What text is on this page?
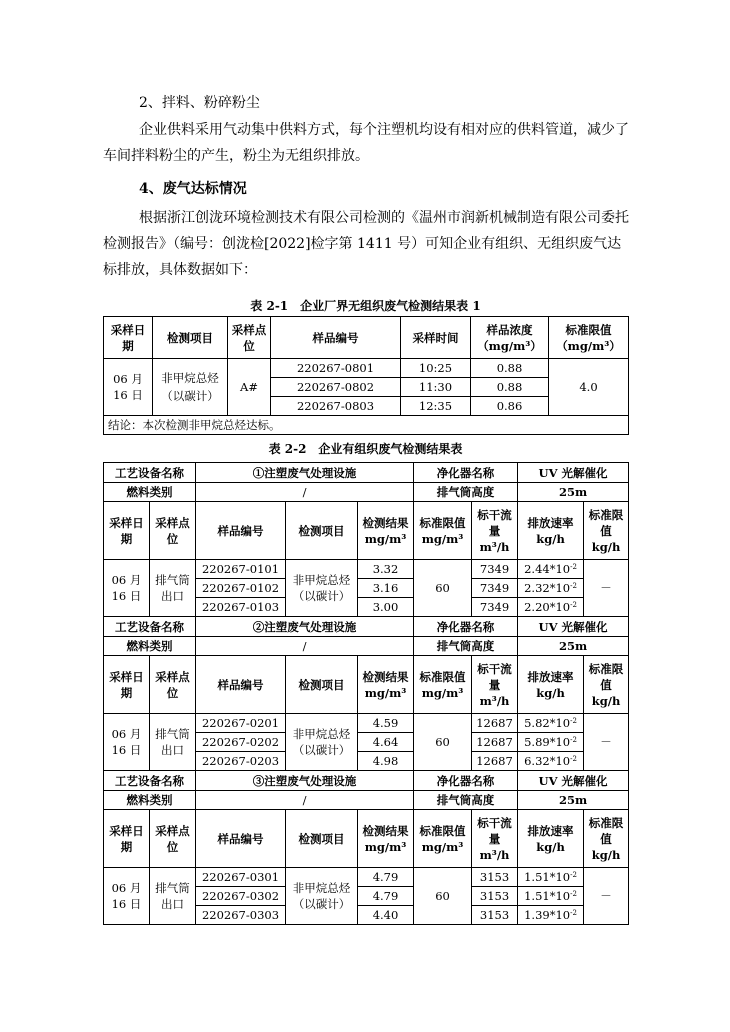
2、拌料、粉碎粉尘

企业供料采用气动集中供料方式，每个注塑机均设有相对应的供料管道，减少了车间拌料粉尘的产生，粉尘为无组织排放。

4、废气达标情况

根据浙江创泷环境检测技术有限公司检测的《温州市润新机械制造有限公司委托检测报告》（编号：创泷检[2022]检字第 1411 号）可知企业有组织、无组织废气达标排放，具体数据如下：

表 2-1　企业厂界无组织废气检测结果表 1

采样日期	检测项目	采样点位	样品编号	采样时间	样品浓度（mg/m³）	标准限值（mg/m³）
06 月 16 日	非甲烷总烃（以碳计）	A#	220267-0801	10:25	0.88	4.0
			220267-0802	11:30	0.88	
			220267-0803	12:35	0.86	
结论：本次检测非甲烷总烃达标。						

表 2-2　企业有组织废气检测结果表

工艺设备名称		①注塑废气处理设施			净化器名称		UV 光解催化	
燃料类别		/			排气筒高度		25m	
采样日期	采样点位	样品编号	检测项目	检测结果 mg/m³	标准限值 mg/m³	标干流量 m³/h	排放速率 kg/h	标准限值 kg/h
06 月 16 日	排气筒出口	220267-0101	非甲烷总烃（以碳计）	3.32	60	7349	$2.44*10^{-2}$	－
		220267-0102		3.16		7349	$2.32*10^{-2}$
		220267-0103		3.00		7349	$2.20*10^{-2}$
工艺设备名称		②注塑废气处理设施			净化器名称		UV 光解催化	
燃料类别		/			排气筒高度		25m	
采样日期	采样点位	样品编号	检测项目	检测结果 mg/m³	标准限值 mg/m³	标干流量 m³/h	排放速率 kg/h	标准限值 kg/h
06 月 16 日	排气筒出口	220267-0201	非甲烷总烃（以碳计）	4.59	60	12687	$5.82*10^{-2}$	－
		220267-0202		4.64		12687	$5.89*10^{-2}$
		220267-0203		4.98		12687	$6.32*10^{-2}$
工艺设备名称		③注塑废气处理设施			净化器名称		UV 光解催化	
燃料类别		/			排气筒高度		25m	
采样日期	采样点位	样品编号	检测项目	检测结果 mg/m³	标准限值 mg/m³	标干流量 m³/h	排放速率 kg/h	标准限值 kg/h
06 月 16 日	排气筒出口	220267-0301	非甲烷总烃（以碳计）	4.79	60	3153	$1.51*10^{-2}$	－
		220267-0302		4.79		3153	$1.51*10^{-2}$
		220267-0303		4.40		3153	$1.39*10^{-2}$
